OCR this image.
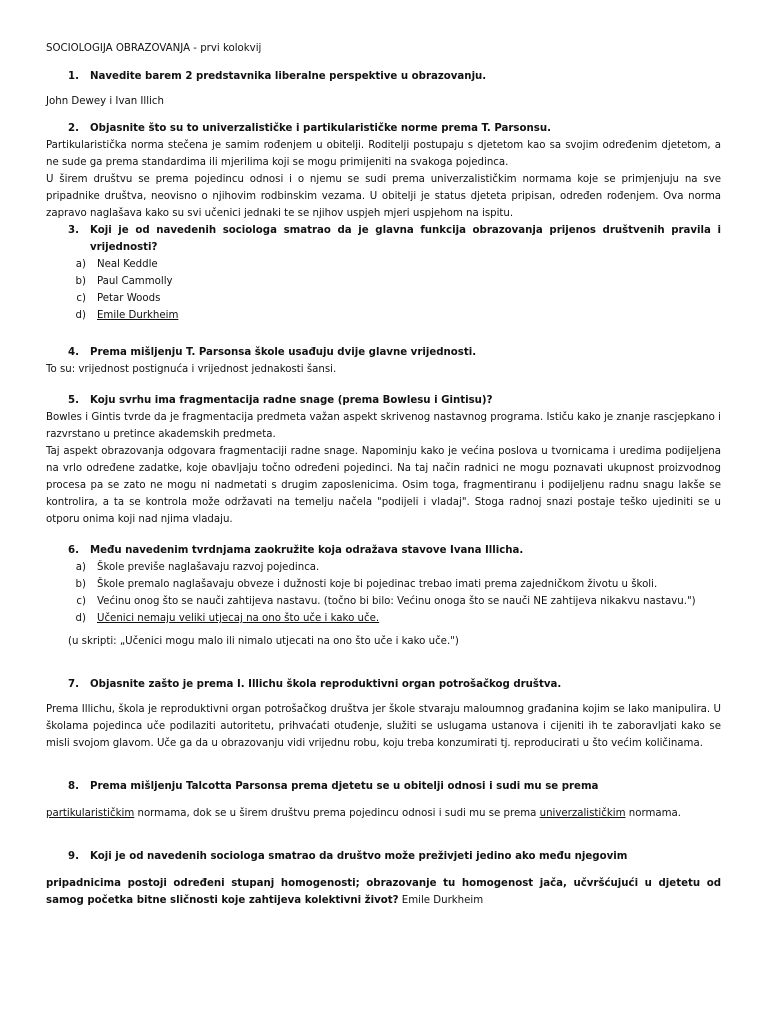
SOCIOLOGIJA OBRAZOVANJA - prvi kolokvij

1.	Navedite barem 2 predstavnika liberalne perspektive u obrazovanju.

John Dewey i Ivan Illich

2.	Objasnite što su to univerzalističke i partikularističke norme prema T. Parsonsu.

Partikularistička norma stečena je samim rođenjem u obitelji. Roditelji postupaju s djetetom kao sa svojim određenim djetetom, a ne sude ga prema standardima ili mjerilima koji se mogu primijeniti na svakoga pojedinca.

U širem društvu se prema pojedincu odnosi i o njemu se sudi prema univerzalističkim normama koje se primjenjuju na sve pripadnike društva, neovisno o njihovim rodbinskim vezama. U obitelji je status djeteta pripisan, određen rođenjem. Ova norma zapravo naglašava kako su svi učenici jednaki te se njihov uspjeh mjeri uspjehom na ispitu.

3.	Koji je od navedenih sociologa smatrao da je glavna funkcija obrazovanja prijenos društvenih pravila i vrijednosti?
a)	Neal Keddle
b)	Paul Cammolly
c)	Petar Woods
d)	Emile Durkheim
4.	Prema mišljenju T. Parsonsa škole usađuju dvije glavne vrijednosti.

To su: vrijednost postignuća i vrijednost jednakosti šansi.

5.	Koju svrhu ima fragmentacija radne snage (prema Bowlesu i Gintisu)?

Bowles i Gintis tvrde da je fragmentacija predmeta važan aspekt skrivenog nastavnog programa. Ističu kako je znanje rascjepkano i razvrstano u pretince akademskih predmeta.

Taj aspekt obrazovanja odgovara fragmentaciji radne snage. Napominju kako je većina poslova u tvornicama i uredima podijeljena na vrlo određene zadatke, koje obavljaju točno određeni pojedinci. Na taj način radnici ne mogu poznavati ukupnost proizvodnog procesa pa se zato ne mogu ni nadmetati s drugim zaposlenicima. Osim toga, fragmentiranu i podijeljenu radnu snagu lakše se kontrolira, a ta se kontrola može održavati na temelju načela "podijeli i vladaj". Stoga radnoj snazi postaje teško ujediniti se u otporu onima koji nad njima vladaju.

6.	Među navedenim tvrdnjama zaokružite koja odražava stavove Ivana Illicha.
a)	Škole previše naglašavaju razvoj pojedinca.
b)	Škole premalo naglašavaju obveze i dužnosti koje bi pojedinac trebao imati prema zajedničkom životu u školi.
c)	Većinu onog što se nauči zahtijeva nastavu. (točno bi bilo: Većinu onoga što se nauči NE zahtijeva nikakvu nastavu.")
d)	Učenici nemaju veliki utjecaj na ono što uče i kako uče.

(u skripti: „Učenici mogu malo ili nimalo utjecati na ono što uče i kako uče.")

7.	Objasnite zašto je prema I. Illichu škola reproduktivni organ potrošačkog društva.

Prema Illichu, škola je reproduktivni organ potrošačkog društva jer škole stvaraju maloumnog građanina kojim se lako manipulira. U školama pojedinca uče podilaziti autoritetu, prihvaćati otuđenje, služiti se uslugama ustanova i cijeniti ih te zaboravljati kako se misli svojom glavom. Uče ga da u obrazovanju vidi vrijednu robu, koju treba konzumirati tj. reproducirati u što većim količinama.

8.	Prema mišljenju Talcotta Parsonsa prema djetetu se u obitelji odnosi i sudi mu se prema

partikularističkim normama, dok se u širem društvu prema pojedincu odnosi i sudi mu se prema univerzalističkim normama.

9.	Koji je od navedenih sociologa smatrao da društvo može preživjeti jedino ako među njegovim

pripadnicima postoji određeni stupanj homogenosti; obrazovanje tu homogenost jača, učvršćujući u djetetu od samog početka bitne sličnosti koje zahtijeva kolektivni život? Emile Durkheim
